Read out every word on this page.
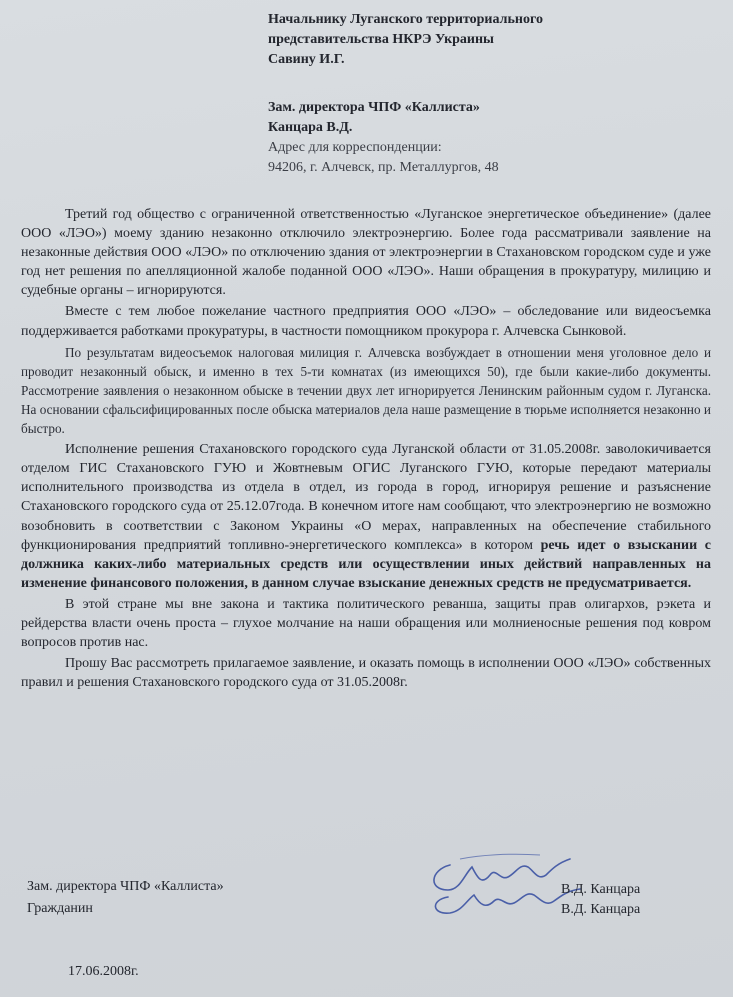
Начальнику Луганского территориального
представительства НКРЭ Украины
Савину И.Г.
Зам. директора ЧПФ «Каллиста»
Канцара В.Д.
Адрес для корреспонденции:
94206, г. Алчевск, пр. Металлургов, 48

Третий год общество с ограниченной ответственностью «Луганское энергетическое объединение» (далее ООО «ЛЭО») моему зданию незаконно отключило электроэнергию. Более года рассматривали заявление на незаконные действия ООО «ЛЭО» по отключению здания от электроэнергии в Стахановском городском суде и уже год нет решения по апелляционной жалобе поданной ООО «ЛЭО». Наши обращения в прокуратуру, милицию и судебные органы – игнорируются.

Вместе с тем любое пожелание частного предприятия ООО «ЛЭО» – обследование или видеосъемка поддерживается работками прокуратуры, в частности помощником прокурора г. Алчевска Сынковой.

По результатам видеосъемок налоговая милиция г. Алчевска возбуждает в отношении меня уголовное дело и проводит незаконный обыск, и именно в тех 5-ти комнатах (из имеющихся 50), где были какие-либо документы. Рассмотрение заявления о незаконном обыске в течении двух лет игнорируется Ленинским районным судом г. Луганска. На основании сфальсифицированных после обыска материалов дела наше размещение в тюрьме исполняется незаконно и быстро.

Исполнение решения Стахановского городского суда Луганской области от 31.05.2008г. заволокичивается отделом ГИС Стахановского ГУЮ и Жовтневым ОГИС Луганского ГУЮ, которые передают материалы исполнительного производства из отдела в отдел, из города в город, игнорируя решение и разъяснение Стахановского городского суда от 25.12.07года. В конечном итоге нам сообщают, что электроэнергию не возможно возобновить в соответствии с Законом Украины «О мерах, направленных на обеспечение стабильного функционирования предприятий топливно-энергетического комплекса» в котором речь идет о взыскании с должника каких-либо материальных средств или осуществлении иных действий направленных на изменение финансового положения, в данном случае взыскание денежных средств не предусматривается.

В этой стране мы вне закона и тактика политического реванша, защиты прав олигархов, рэкета и рейдерства власти очень проста – глухое молчание на наши обращения или молниеносные решения под ковром вопросов против нас.

Прошу Вас рассмотреть прилагаемое заявление, и оказать помощь в исполнении ООО «ЛЭО» собственных правил и решения Стахановского городского суда от 31.05.2008г.

Зам. директора ЧПФ «Каллиста»
Гражданин
В.Д. Канцара
В.Д. Канцара
17.06.2008г.
